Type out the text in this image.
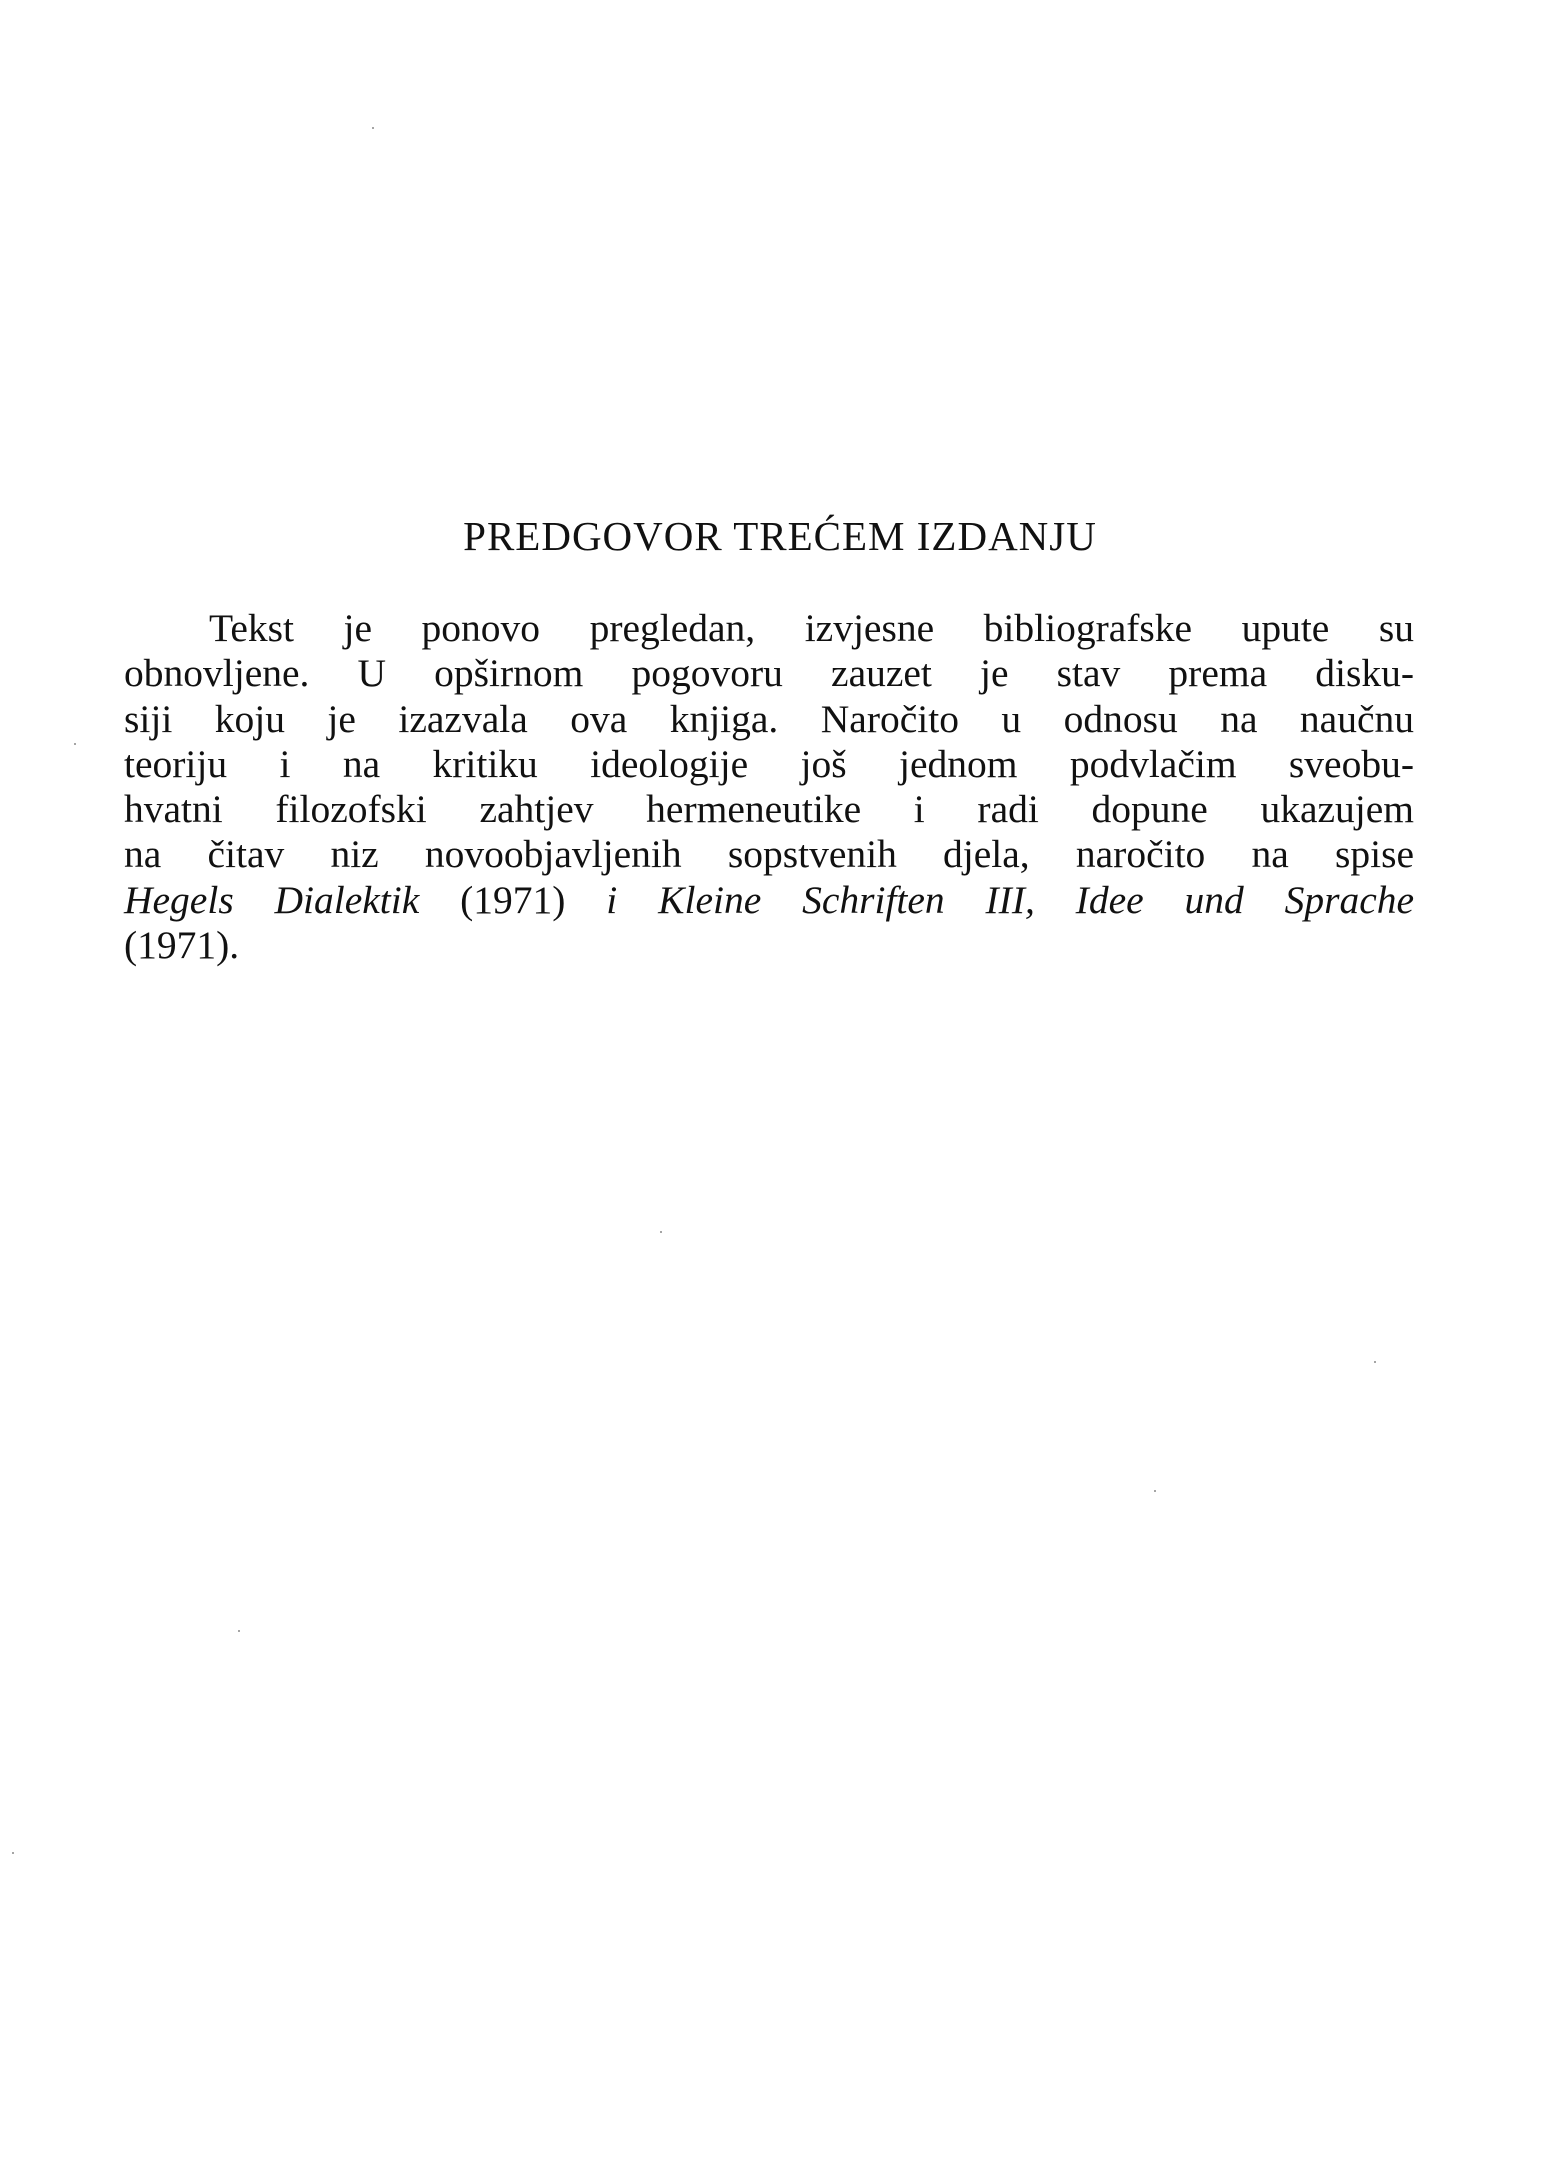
PREDGOVOR TREĆEM IZDANJU
Tekst je ponovo pregledan, izvjesne bibliografske upute su
obnovljene. U opširnom pogovoru zauzet je stav prema disku-
siji koju je izazvala ova knjiga. Naročito u odnosu na naučnu
teoriju i na kritiku ideologije još jednom podvlačim sveobu-
hvatni filozofski zahtjev hermeneutike i radi dopune ukazujem
na čitav niz novoobjavljenih sopstvenih djela, naročito na spise
Hegels Dialektik (1971) i Kleine Schriften III, Idee und Sprache
(1971).
